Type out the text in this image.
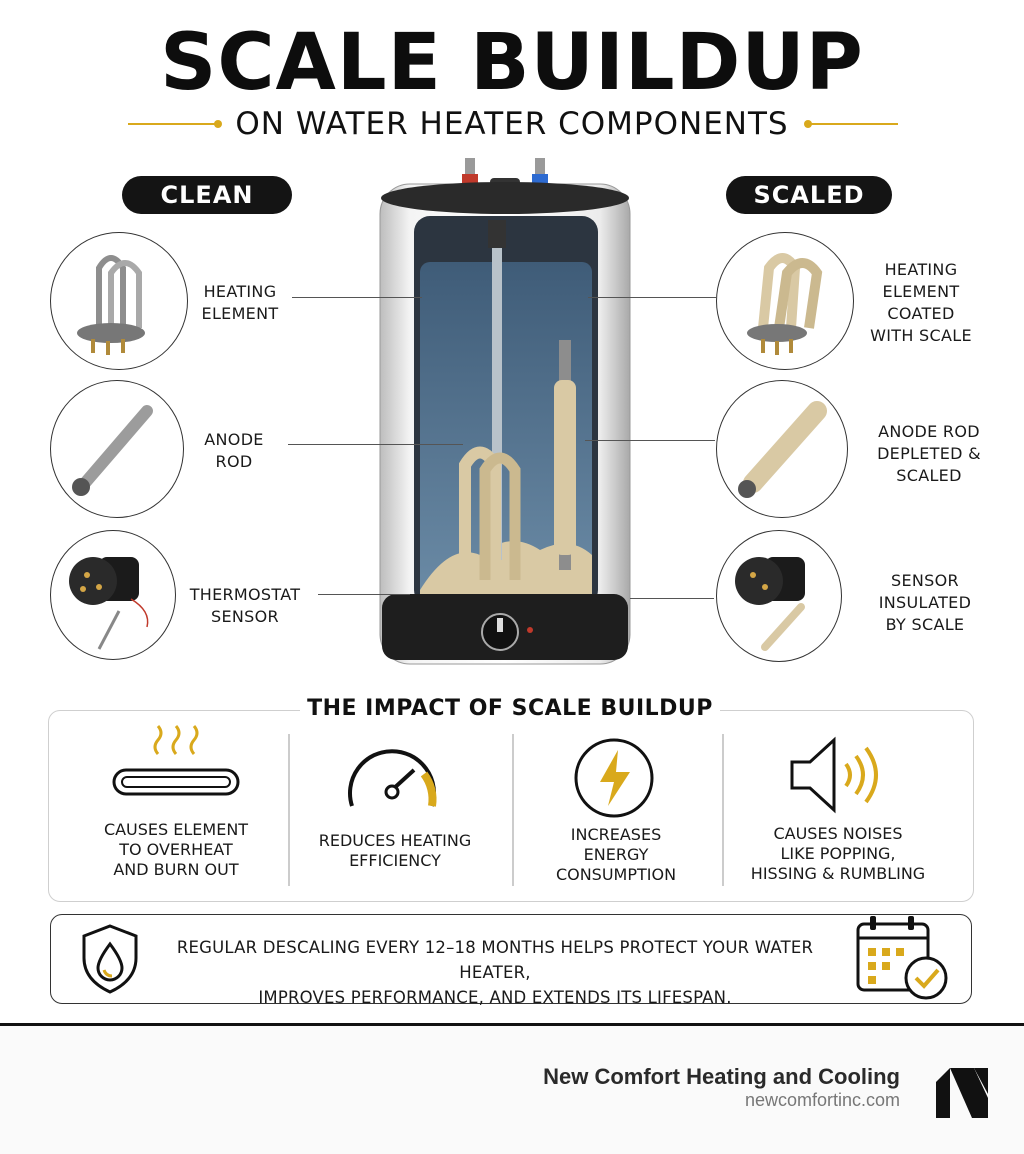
SCALE BUILDUP
ON WATER HEATER COMPONENTS
CLEAN	SCALED
HEATING
ELEMENT
ANODE
ROD
THERMOSTAT
SENSOR
HEATING
ELEMENT
COATED
WITH SCALE
ANODE ROD
DEPLETED &
SCALED
SENSOR
INSULATED
BY SCALE
THE IMPACT OF SCALE BUILDUP
CAUSES ELEMENT
TO OVERHEAT
AND BURN OUT
REDUCES HEATING
EFFICIENCY
INCREASES
ENERGY
CONSUMPTION
CAUSES NOISES
LIKE POPPING,
HISSING & RUMBLING
REGULAR DESCALING EVERY 12–18 MONTHS HELPS PROTECT YOUR WATER HEATER,
IMPROVES PERFORMANCE, AND EXTENDS ITS LIFESPAN.
New Comfort Heating and Cooling
newcomfortinc.com
